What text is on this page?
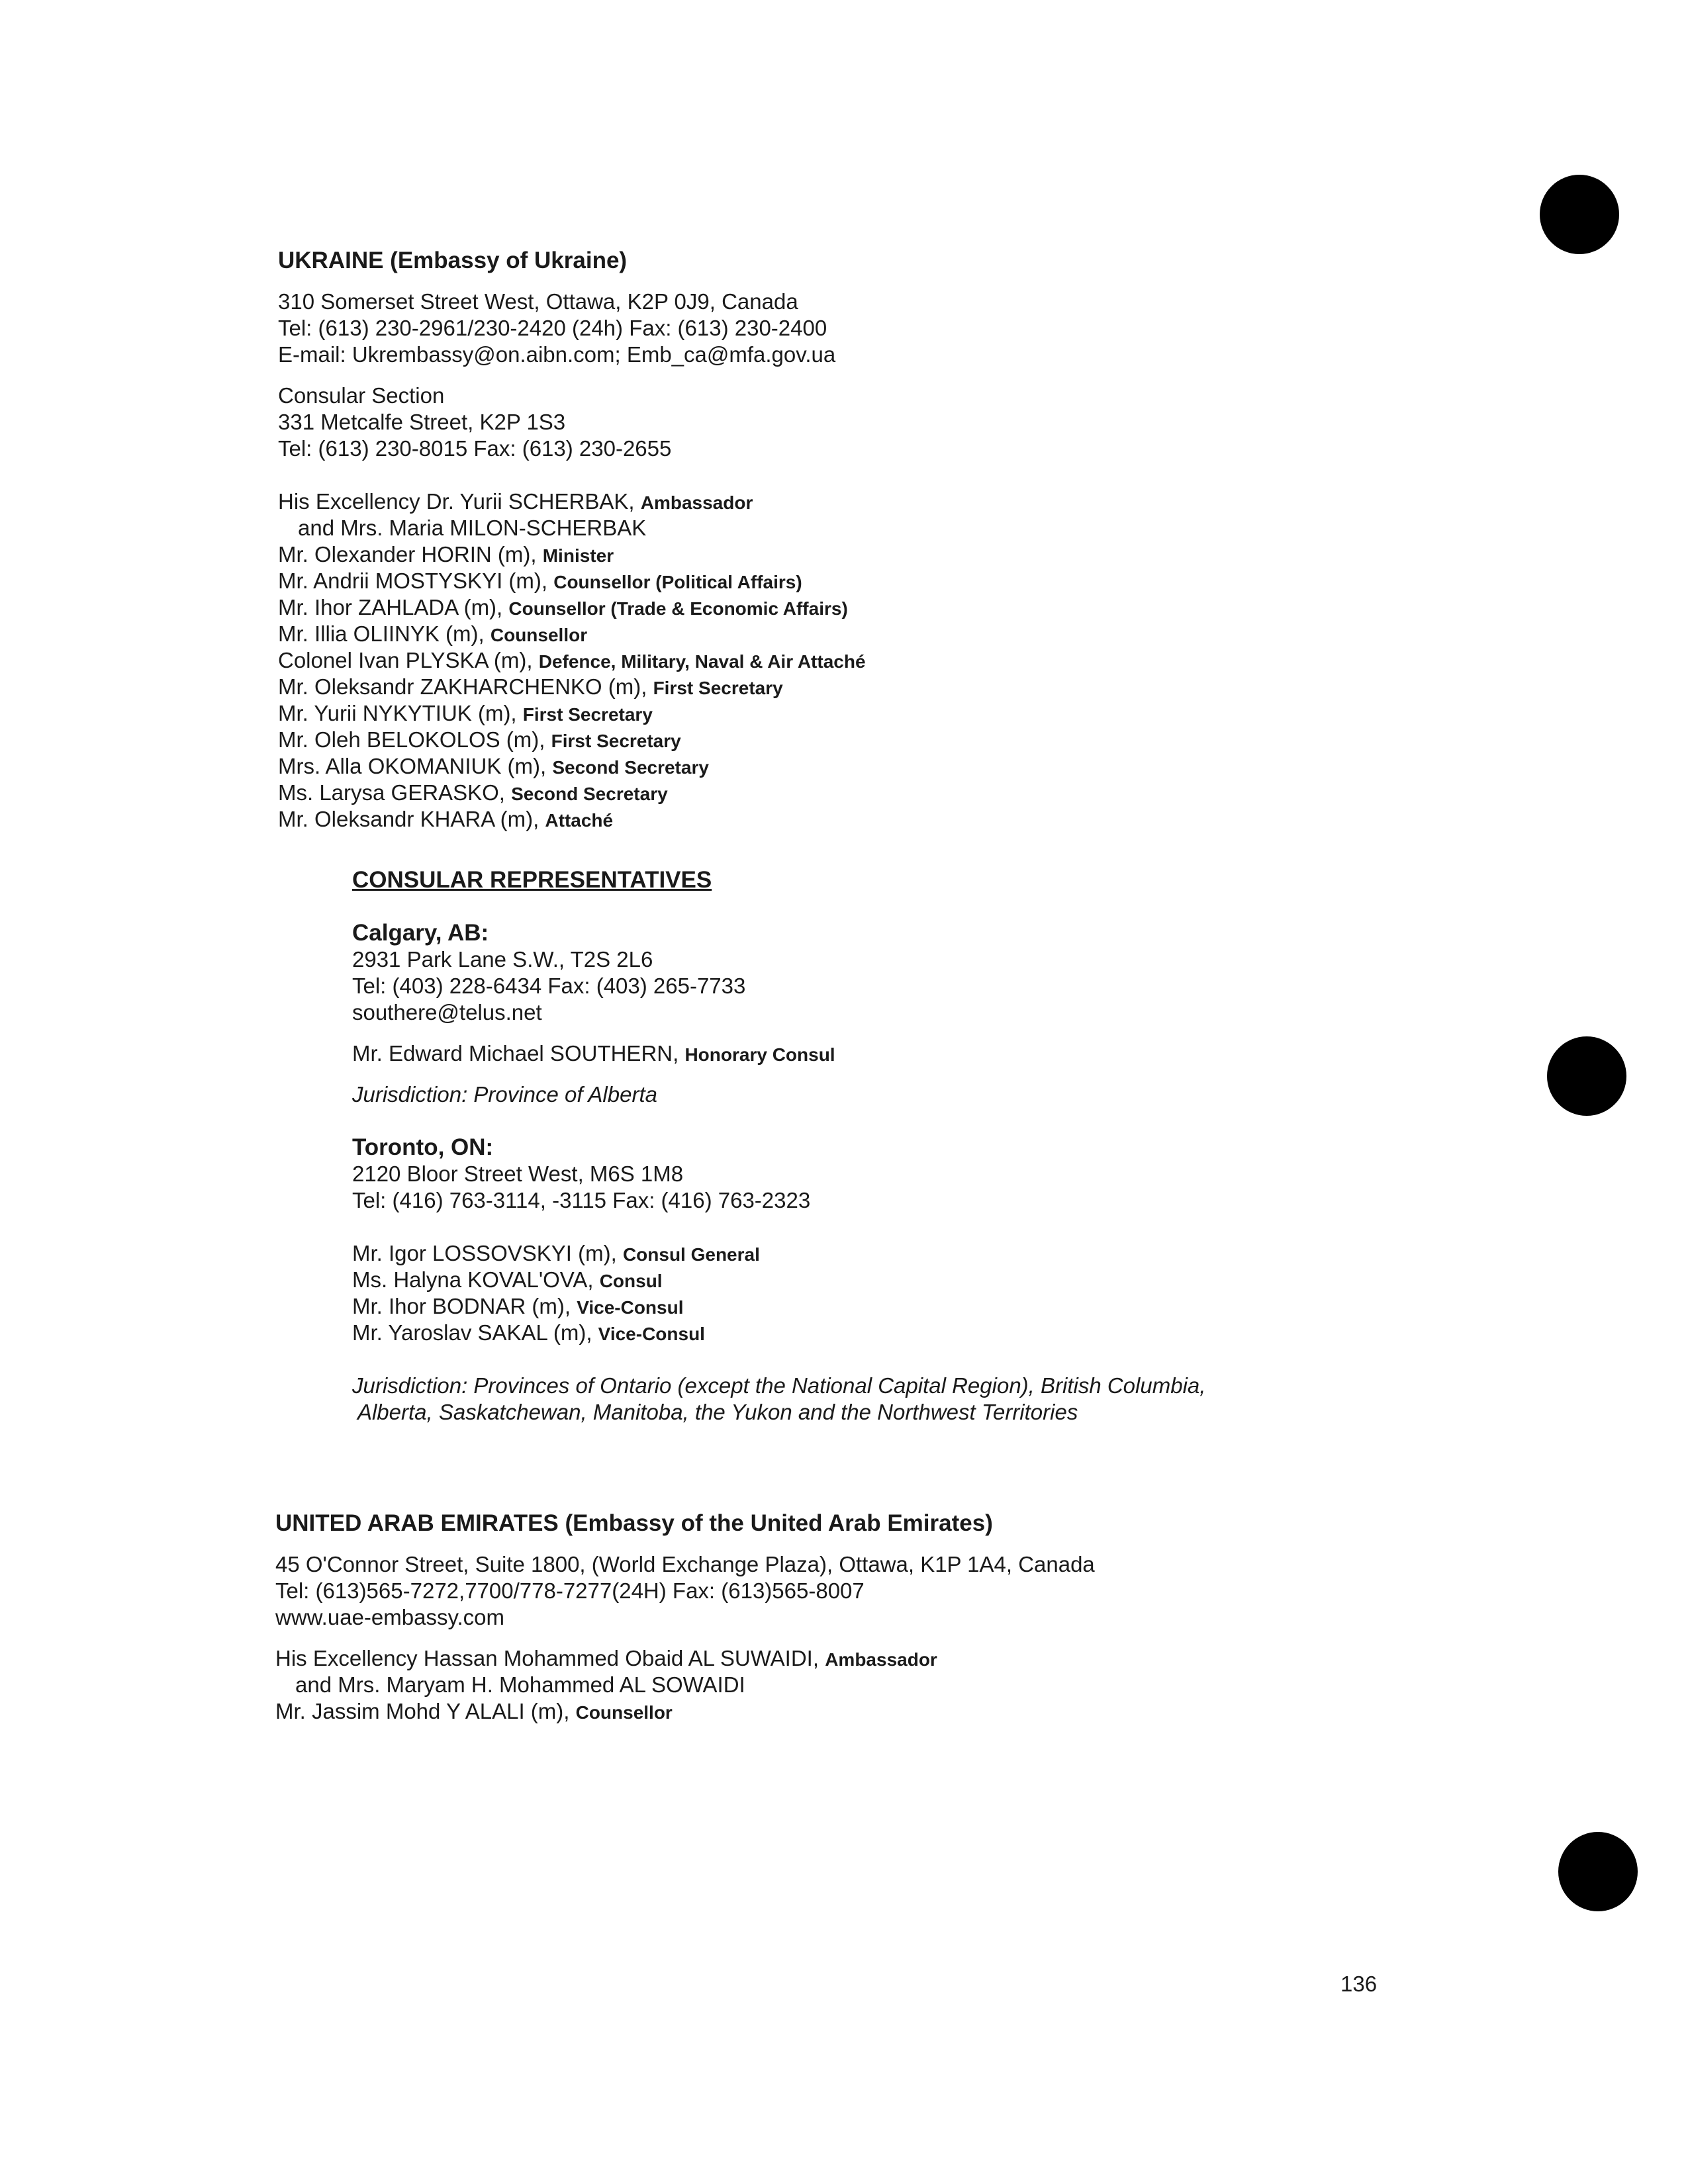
UKRAINE (Embassy of Ukraine)
310 Somerset Street West, Ottawa, K2P 0J9, Canada
Tel: (613) 230-2961/230-2420 (24h) Fax: (613) 230-2400
E-mail: Ukrembassy@on.aibn.com; Emb_ca@mfa.gov.ua
Consular Section
331 Metcalfe Street, K2P 1S3
Tel: (613) 230-8015 Fax: (613) 230-2655
His Excellency Dr. Yurii SCHERBAK, Ambassador
and Mrs. Maria MILON-SCHERBAK
Mr. Olexander HORIN (m), Minister
Mr. Andrii MOSTYSKYI (m), Counsellor (Political Affairs)
Mr. Ihor ZAHLADA (m), Counsellor (Trade & Economic Affairs)
Mr. Illia OLIINYK (m), Counsellor
Colonel Ivan PLYSKA (m), Defence, Military, Naval & Air Attaché
Mr. Oleksandr ZAKHARCHENKO (m), First Secretary
Mr. Yurii NYKYTIUK (m), First Secretary
Mr. Oleh BELOKOLOS (m), First Secretary
Mrs. Alla OKOMANIUK (m), Second Secretary
Ms. Larysa GERASKO, Second Secretary
Mr. Oleksandr KHARA (m), Attaché
CONSULAR REPRESENTATIVES
Calgary, AB:
2931 Park Lane S.W., T2S 2L6
Tel: (403) 228-6434 Fax: (403) 265-7733
southere@telus.net
Mr. Edward Michael SOUTHERN, Honorary Consul
Jurisdiction: Province of Alberta
Toronto, ON:
2120 Bloor Street West, M6S 1M8
Tel: (416) 763-3114, -3115 Fax: (416) 763-2323
Mr. Igor LOSSOVSKYI (m), Consul General
Ms. Halyna KOVAL'OVA, Consul
Mr. Ihor BODNAR (m), Vice-Consul
Mr. Yaroslav SAKAL (m), Vice-Consul
Jurisdiction: Provinces of Ontario (except the National Capital Region), British Columbia,
Alberta, Saskatchewan, Manitoba, the Yukon and the Northwest Territories
UNITED ARAB EMIRATES (Embassy of the United Arab Emirates)
45 O'Connor Street, Suite 1800, (World Exchange Plaza), Ottawa, K1P 1A4, Canada
Tel: (613)565-7272,7700/778-7277(24H) Fax: (613)565-8007
www.uae-embassy.com
His Excellency Hassan Mohammed Obaid AL SUWAIDI, Ambassador
and Mrs. Maryam H. Mohammed AL SOWAIDI
Mr. Jassim Mohd Y ALALI (m), Counsellor
136
